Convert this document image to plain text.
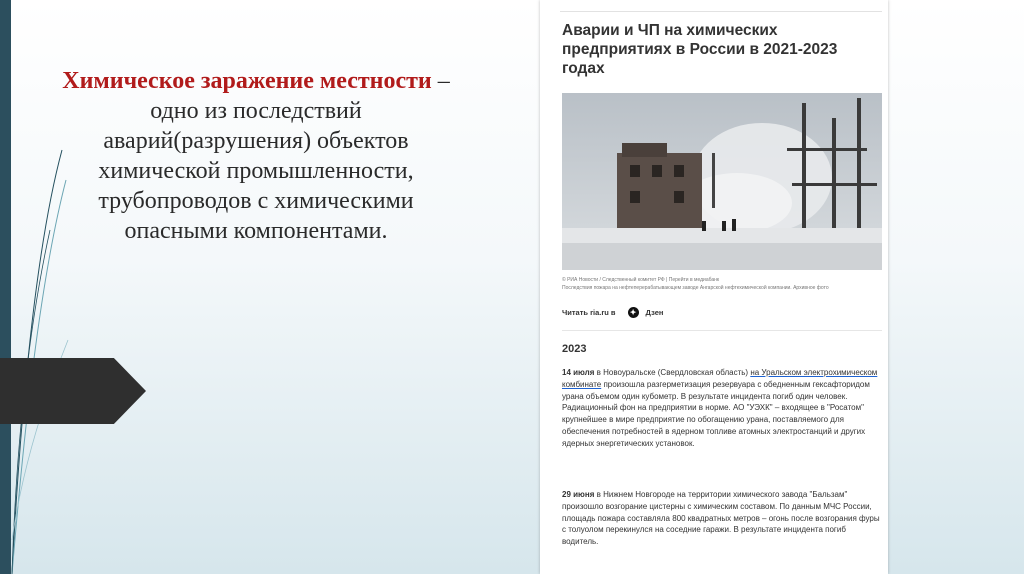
Химическое заражение местности – одно из последствий аварий(разрушения) объектов химической промышленности, трубопроводов с химическими опасными компонентами.
Аварии и ЧП на химических предприятиях в России в 2021-2023 годах
© РИА Новости / Следственный комитет РФ | Перейти в медиабанк
Последствия пожара на нефтеперерабатывающем заводе Ангарской нефтехимической компании. Архивное фото
Читать ria.ru в ✦ Дзен
2023
14 июля в Новоуральске (Свердловская область) на Уральском электрохимическом комбинате произошла разгерметизация резервуара с обедненным гексафторидом урана объемом один кубометр. В результате инцидента погиб один человек. Радиационный фон на предприятии в норме. АО "УЭХК" – входящее в "Росатом" крупнейшее в мире предприятие по обогащению урана, поставляемого для обеспечения потребностей в ядерном топливе атомных электростанций и других ядерных энергетических установок.
29 июня в Нижнем Новгороде на территории химического завода "Бальзам" произошло возгорание цистерны с химическим составом. По данным МЧС России, площадь пожара составляла 800 квадратных метров – огонь после возгорания фуры с толуолом перекинулся на соседние гаражи. В результате инцидента погиб водитель.
